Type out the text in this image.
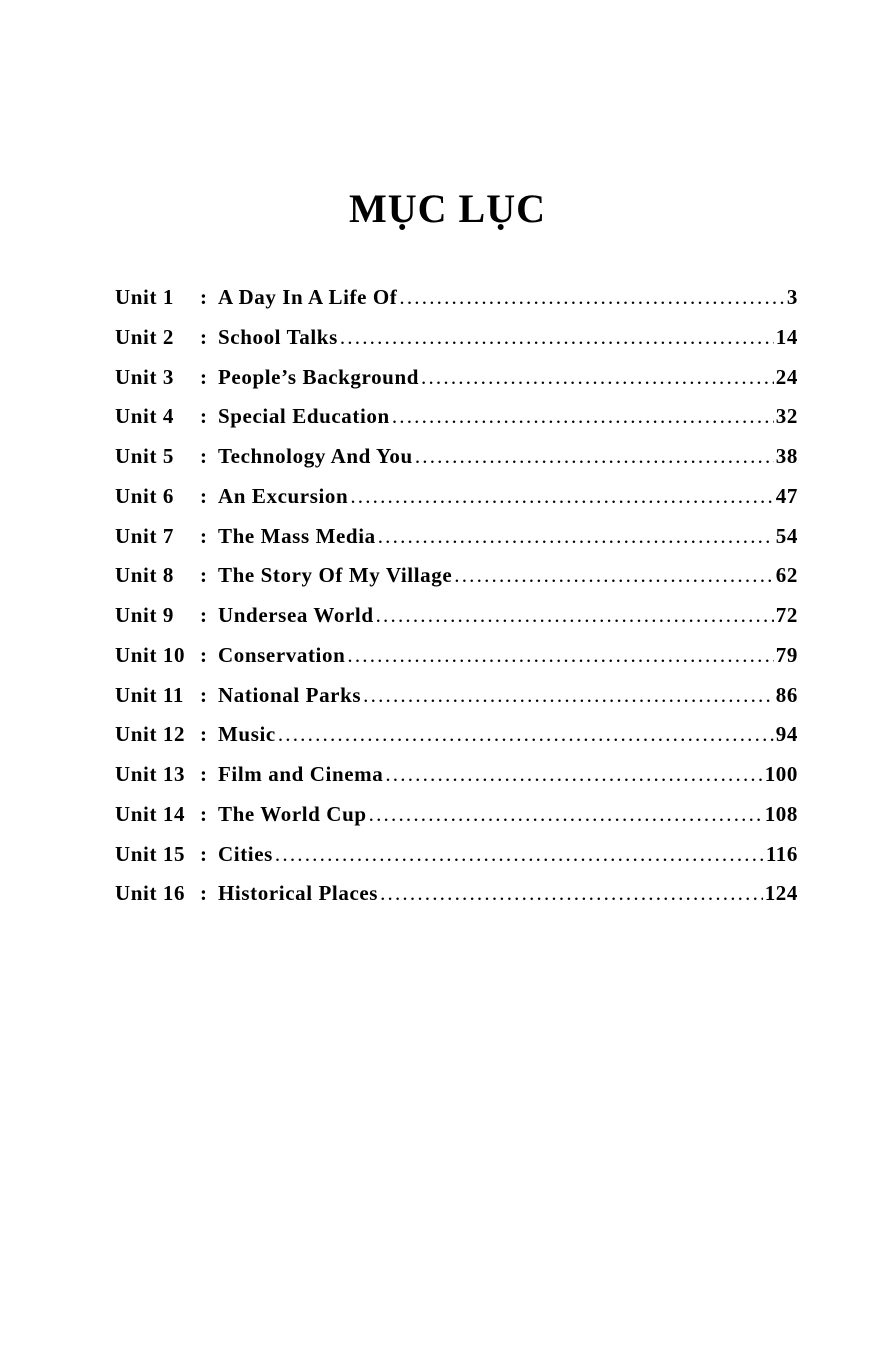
MỤC LỤC
Unit 1	: A Day In A Life Of .....	3
Unit 2	: School Talks .....	14
Unit 3	: People’s Background .....	24
Unit 4	: Special Education .....	32
Unit 5	: Technology And You .....	38
Unit 6	: An Excursion .....	47
Unit 7	: The Mass Media .....	54
Unit 8	: The Story Of My Village .....	62
Unit 9	: Undersea World .....	72
Unit 10 : Conservation .....	79
Unit 11 : National Parks .....	86
Unit 12 : Music .....	94
Unit 13 : Film and Cinema .....	100
Unit 14 : The World Cup .....	108
Unit 15 : Cities .....	116
Unit 16 : Historical Places .....	124
